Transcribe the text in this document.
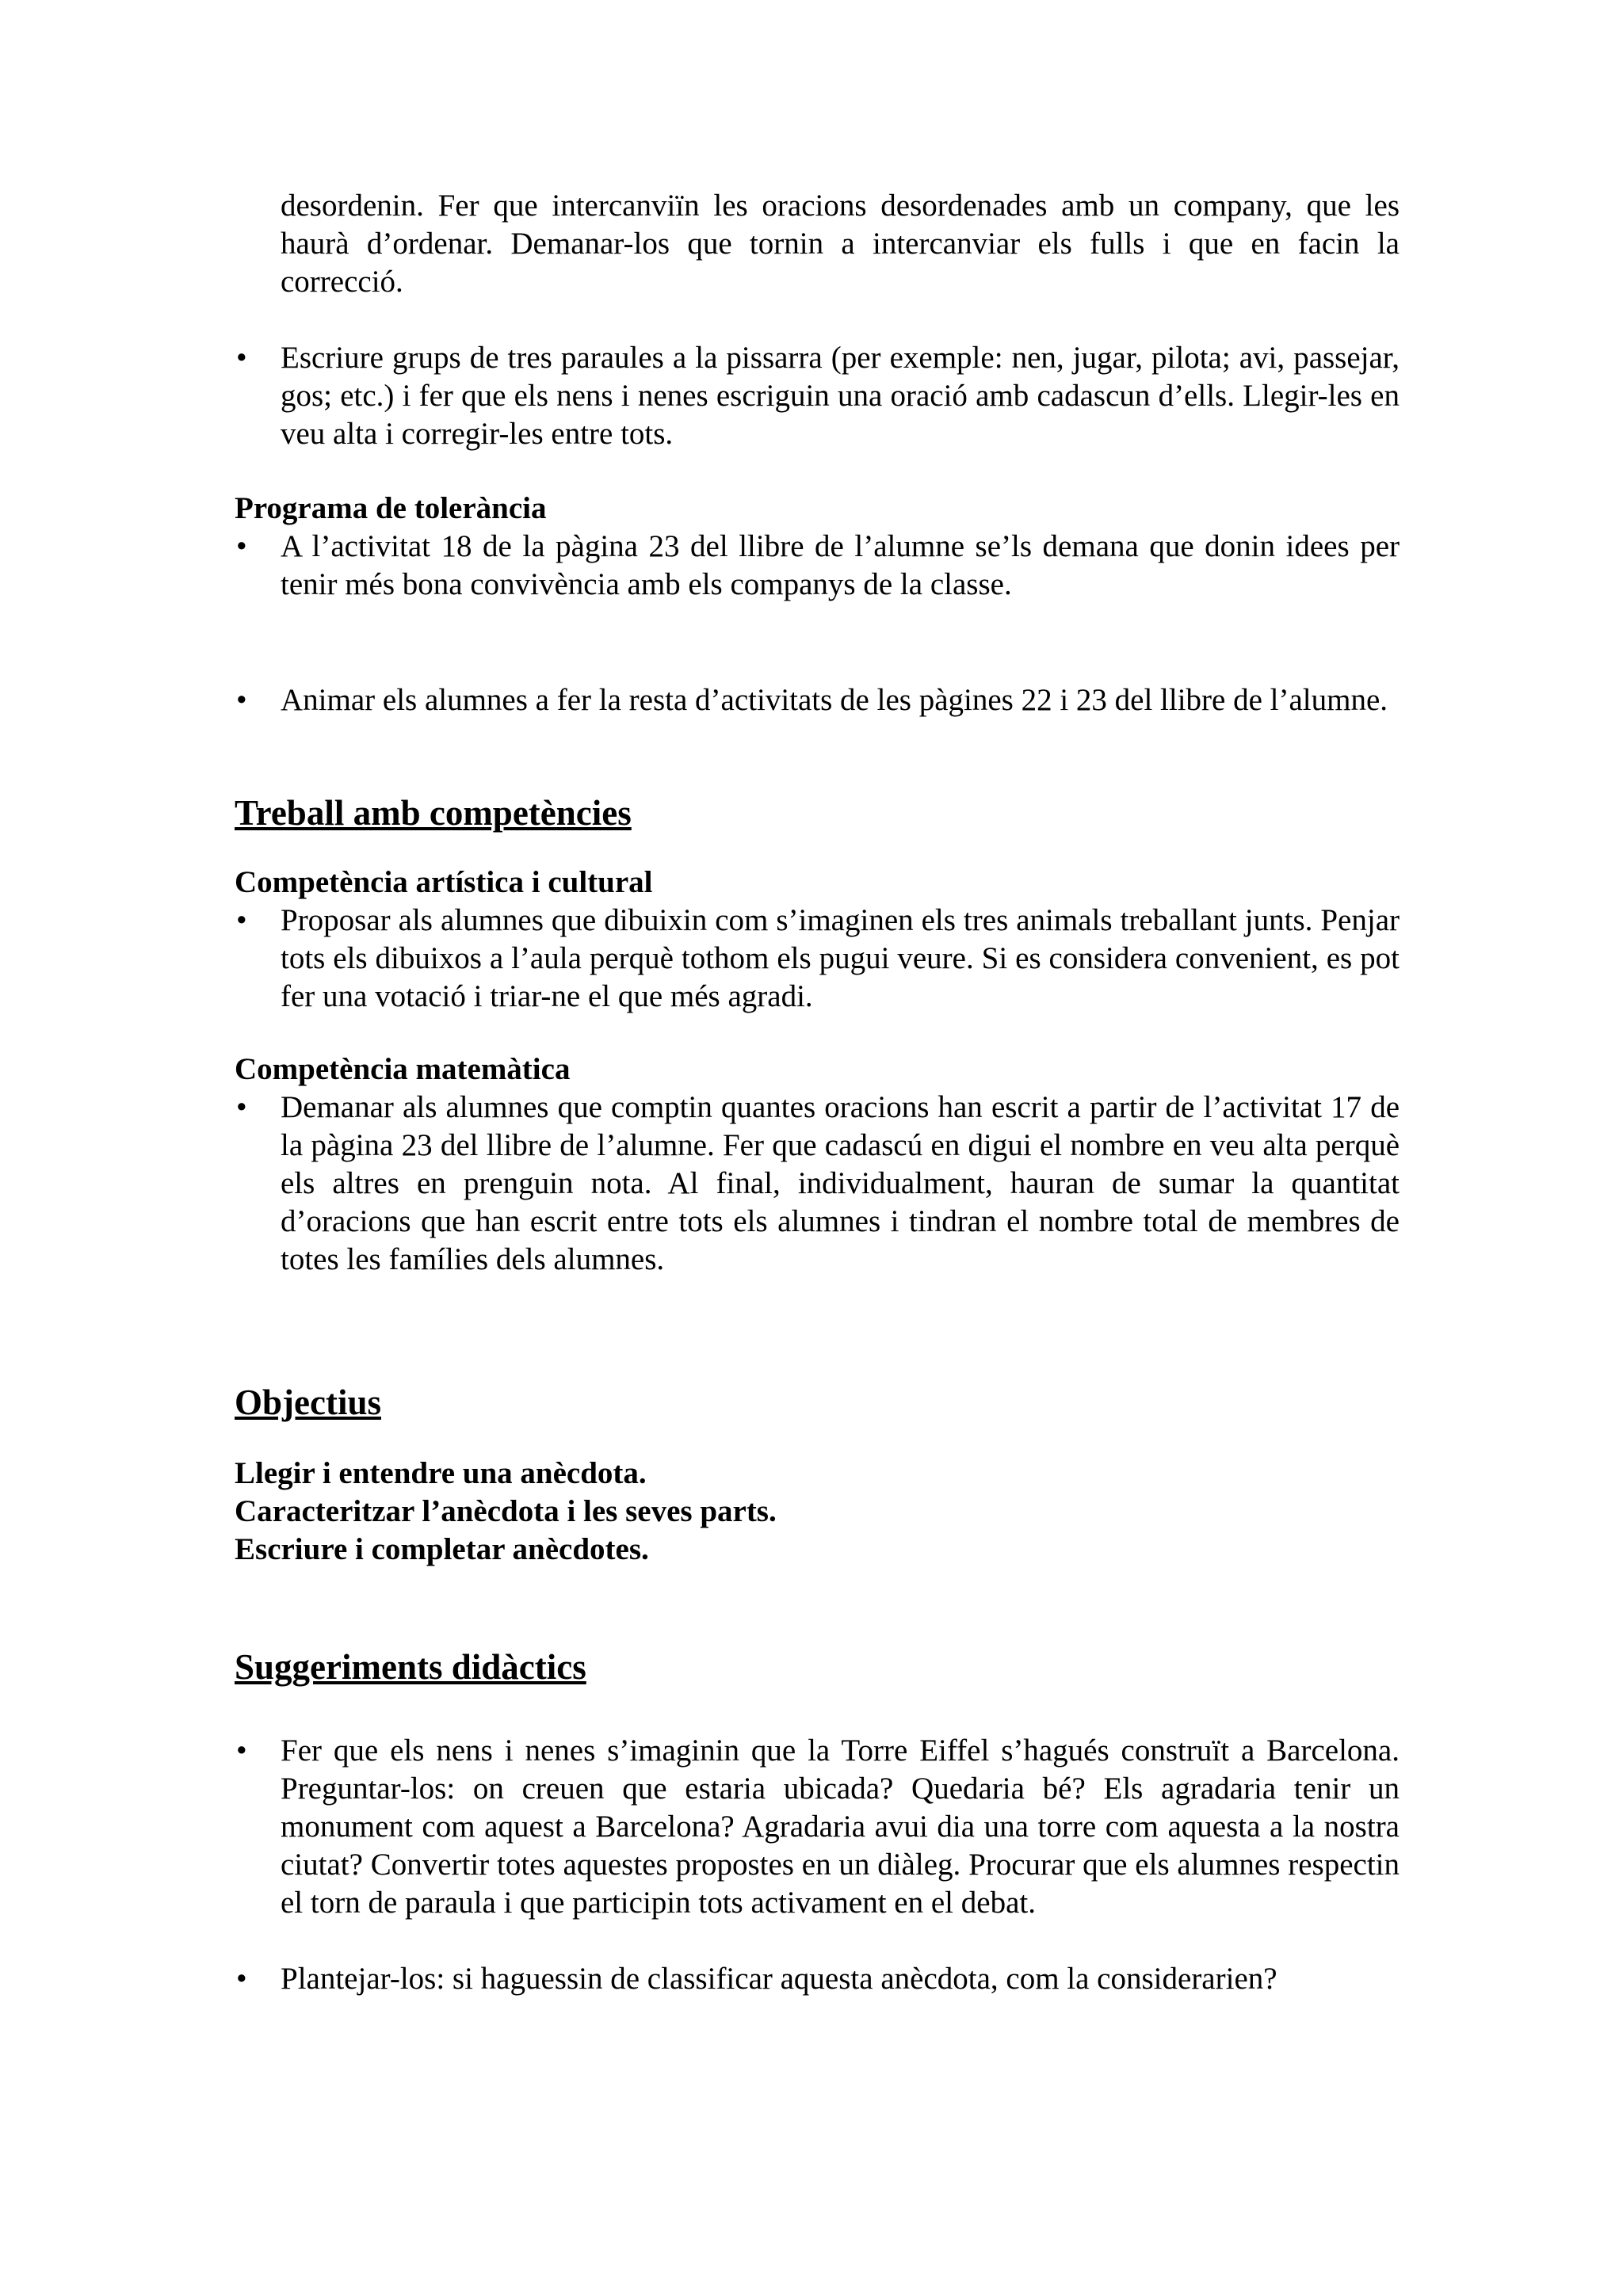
desordenin. Fer que intercanviïn les oracions desordenades amb un company, que les haurà d’ordenar. Demanar-los que tornin a intercanviar els fulls i que en facin la correcció.
• Escriure grups de tres paraules a la pissarra (per exemple: nen, jugar, pilota; avi, passejar, gos; etc.) i fer que els nens i nenes escriguin una oració amb cadascun d’ells. Llegir-les en veu alta i corregir-les entre tots.
Programa de tolerància
• A l’activitat 18 de la pàgina 23 del llibre de l’alumne se’ls demana que donin idees per tenir més bona convivència amb els companys de la classe.
• Animar els alumnes a fer la resta d’activitats de les pàgines 22 i 23 del llibre de l’alumne.
Treball amb competències
Competència artística i cultural
• Proposar als alumnes que dibuixin com s’imaginen els tres animals treballant junts. Penjar tots els dibuixos a l’aula perquè tothom els pugui veure. Si es considera convenient, es pot fer una votació i triar-ne el que més agradi.
Competència matemàtica
• Demanar als alumnes que comptin quantes oracions han escrit a partir de l’activitat 17 de la pàgina 23 del llibre de l’alumne. Fer que cadascú en digui el nombre en veu alta perquè els altres en prenguin nota. Al final, individualment, hauran de sumar la quantitat d’oracions que han escrit entre tots els alumnes i tindran el nombre total de membres de totes les famílies dels alumnes.
Objectius
Llegir i entendre una anècdota.
Caracteritzar l’anècdota i les seves parts.
Escriure i completar anècdotes.
Suggeriments didàctics
• Fer que els nens i nenes s’imaginin que la Torre Eiffel s’hagués construït a Barcelona. Preguntar-los: on creuen que estaria ubicada? Quedaria bé? Els agradaria tenir un monument com aquest a Barcelona? Agradaria avui dia una torre com aquesta a la nostra ciutat? Convertir totes aquestes propostes en un diàleg. Procurar que els alumnes respectin el torn de paraula i que participin tots activament en el debat.
• Plantejar-los: si haguessin de classificar aquesta anècdota, com la considerarien?
